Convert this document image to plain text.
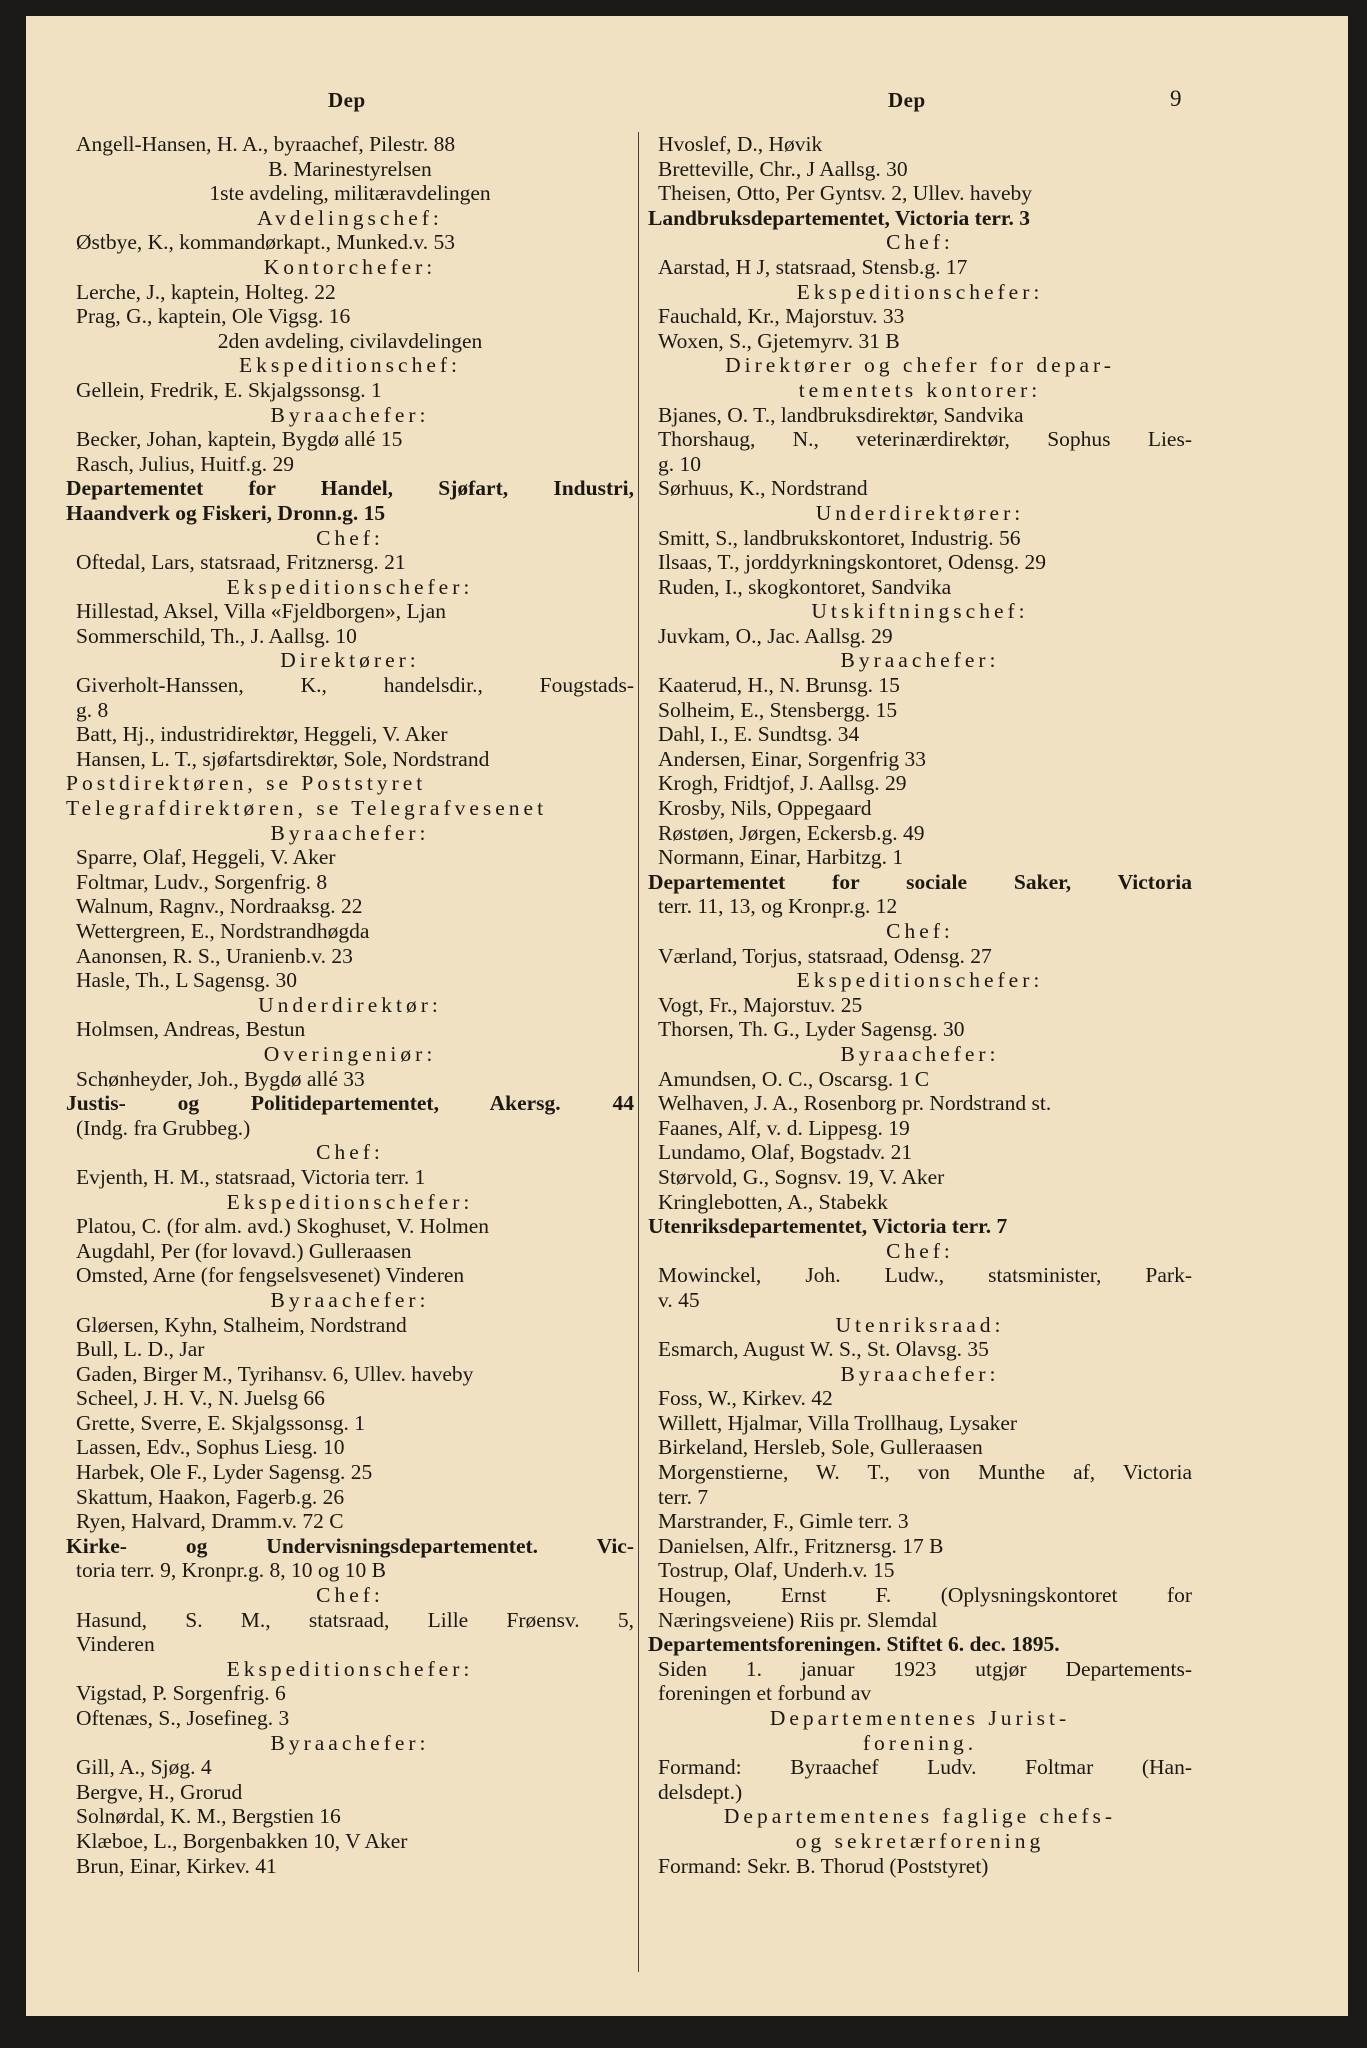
Dep	Dep	9
Angell-Hansen, H. A., byraachef, Pilestr. 88
B. Marinestyrelsen
1ste avdeling, militæravdelingen
Avdelingschef:
Østbye, K., kommandørkapt., Munked.v. 53
Kontorchefer:
Lerche, J., kaptein, Holteg. 22
Prag, G., kaptein, Ole Vigsg. 16
2den avdeling, civilavdelingen
Ekspeditionschef:
Gellein, Fredrik, E. Skjalgssonsg. 1
Byraachefer:
Becker, Johan, kaptein, Bygdø allé 15
Rasch, Julius, Huitf.g. 29
Departementet for Handel, Sjøfart, Industri,
Haandverk og Fiskeri, Dronn.g. 15
Chef:
Oftedal, Lars, statsraad, Fritznersg. 21
Ekspeditionschefer:
Hillestad, Aksel, Villa «Fjeldborgen», Ljan
Sommerschild, Th., J. Aallsg. 10
Direktører:
Giverholt-Hanssen, K., handelsdir., Fougstads-
g. 8
Batt, Hj., industridirektør, Heggeli, V. Aker
Hansen, L. T., sjøfartsdirektør, Sole, Nordstrand
Postdirektøren, se Poststyret
Telegrafdirektøren, se Telegrafvesenet
Byraachefer:
Sparre, Olaf, Heggeli, V. Aker
Foltmar, Ludv., Sorgenfrig. 8
Walnum, Ragnv., Nordraaksg. 22
Wettergreen, E., Nordstrandhøgda
Aanonsen, R. S., Uranienb.v. 23
Hasle, Th., L Sagensg. 30
Underdirektør:
Holmsen, Andreas, Bestun
Overingeniør:
Schønheyder, Joh., Bygdø allé 33
Justis- og Politidepartementet, Akersg. 44
(Indg. fra Grubbeg.)
Chef:
Evjenth, H. M., statsraad, Victoria terr. 1
Ekspeditionschefer:
Platou, C. (for alm. avd.) Skoghuset, V. Holmen
Augdahl, Per (for lovavd.) Gulleraasen
Omsted, Arne (for fengselsvesenet) Vinderen
Byraachefer:
Gløersen, Kyhn, Stalheim, Nordstrand
Bull, L. D., Jar
Gaden, Birger M., Tyrihansv. 6, Ullev. haveby
Scheel, J. H. V., N. Juelsg 66
Grette, Sverre, E. Skjalgssonsg. 1
Lassen, Edv., Sophus Liesg. 10
Harbek, Ole F., Lyder Sagensg. 25
Skattum, Haakon, Fagerb.g. 26
Ryen, Halvard, Dramm.v. 72 C
Kirke- og Undervisningsdepartementet. Vic-
toria terr. 9, Kronpr.g. 8, 10 og 10 B
Chef:
Hasund, S. M., statsraad, Lille Frøensv. 5,
Vinderen
Ekspeditionschefer:
Vigstad, P. Sorgenfrig. 6
Oftenæs, S., Josefineg. 3
Byraachefer:
Gill, A., Sjøg. 4
Bergve, H., Grorud
Solnørdal, K. M., Bergstien 16
Klæboe, L., Borgenbakken 10, V Aker
Brun, Einar, Kirkev. 41
Hvoslef, D., Høvik
Bretteville, Chr., J Aallsg. 30
Theisen, Otto, Per Gyntsv. 2, Ullev. haveby
Landbruksdepartementet, Victoria terr. 3
Chef:
Aarstad, H J, statsraad, Stensb.g. 17
Ekspeditionschefer:
Fauchald, Kr., Majorstuv. 33
Woxen, S., Gjetemyrv. 31 B
Direktører og chefer for depar-
tementets kontorer:
Bjanes, O. T., landbruksdirektør, Sandvika
Thorshaug, N., veterinærdirektør, Sophus Lies-
g. 10
Sørhuus, K., Nordstrand
Underdirektører:
Smitt, S., landbrukskontoret, Industrig. 56
Ilsaas, T., jorddyrkningskontoret, Odensg. 29
Ruden, I., skogkontoret, Sandvika
Utskiftningschef:
Juvkam, O., Jac. Aallsg. 29
Byraachefer:
Kaaterud, H., N. Brunsg. 15
Solheim, E., Stensbergg. 15
Dahl, I., E. Sundtsg. 34
Andersen, Einar, Sorgenfrig 33
Krogh, Fridtjof, J. Aallsg. 29
Krosby, Nils, Oppegaard
Røstøen, Jørgen, Eckersb.g. 49
Normann, Einar, Harbitzg. 1
Departementet for sociale Saker, Victoria
terr. 11, 13, og Kronpr.g. 12
Chef:
Værland, Torjus, statsraad, Odensg. 27
Ekspeditionschefer:
Vogt, Fr., Majorstuv. 25
Thorsen, Th. G., Lyder Sagensg. 30
Byraachefer:
Amundsen, O. C., Oscarsg. 1 C
Welhaven, J. A., Rosenborg pr. Nordstrand st.
Faanes, Alf, v. d. Lippesg. 19
Lundamo, Olaf, Bogstadv. 21
Størvold, G., Sognsv. 19, V. Aker
Kringlebotten, A., Stabekk
Utenriksdepartementet, Victoria terr. 7
Chef:
Mowinckel, Joh. Ludw., statsminister, Park-
v. 45
Utenriksraad:
Esmarch, August W. S., St. Olavsg. 35
Byraachefer:
Foss, W., Kirkev. 42
Willett, Hjalmar, Villa Trollhaug, Lysaker
Birkeland, Hersleb, Sole, Gulleraasen
Morgenstierne, W. T., von Munthe af, Victoria
terr. 7
Marstrander, F., Gimle terr. 3
Danielsen, Alfr., Fritznersg. 17 B
Tostrup, Olaf, Underh.v. 15
Hougen, Ernst F. (Oplysningskontoret for
Næringsveiene) Riis pr. Slemdal
Departementsforeningen. Stiftet 6. dec. 1895.
Siden 1. januar 1923 utgjør Departements-
foreningen et forbund av
Departementenes Jurist-
forening.
Formand: Byraachef Ludv. Foltmar (Han-
delsdept.)
Departementenes faglige chefs-
og sekretærforening
Formand: Sekr. B. Thorud (Poststyret)
